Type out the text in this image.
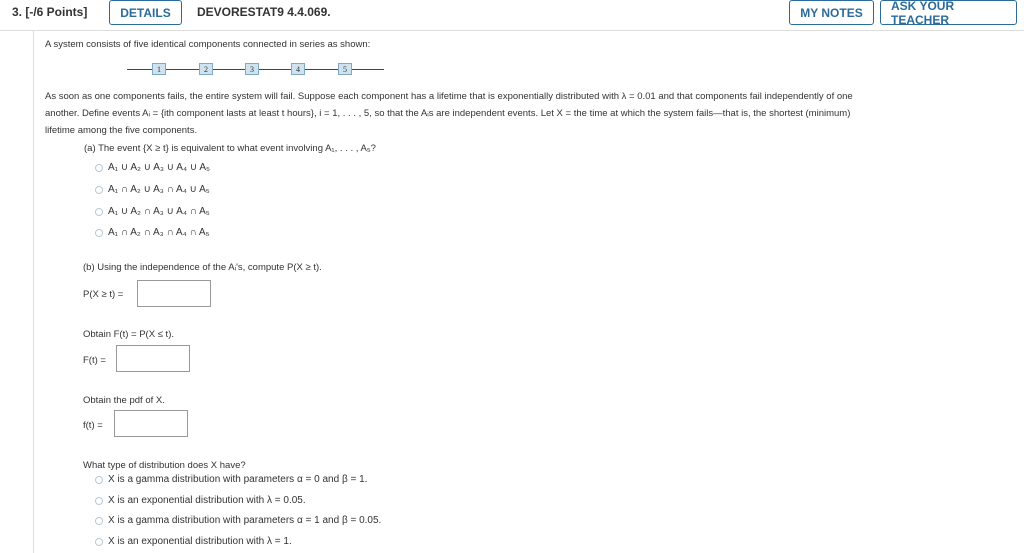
3. [-/6 Points]	DETAILS	DEVORESTAT9 4.4.069.	MY NOTES	ASK YOUR TEACHER
A system consists of five identical components connected in series as shown:
1	2	3	4	5
As soon as one components fails, the entire system will fail. Suppose each component has a lifetime that is exponentially distributed with λ = 0.01 and that components fail independently of one
another. Define events Aᵢ = {ith component lasts at least t hours}, i = 1, . . . , 5, so that the Aᵢs are independent events. Let X = the time at which the system fails—that is, the shortest (minimum)
lifetime among the five components.
(a) The event {X ≥ t} is equivalent to what event involving A₁, . . . , A₅?
A₁ ∪ A₂ ∪ A₃ ∪ A₄ ∪ A₅
A₁ ∩ A₂ ∪ A₃ ∩ A₄ ∪ A₅
A₁ ∪ A₂ ∩ A₃ ∪ A₄ ∩ A₅
A₁ ∩ A₂ ∩ A₃ ∩ A₄ ∩ A₅
(b) Using the independence of the Aᵢ's, compute P(X ≥ t).
P(X ≥ t) =
Obtain F(t) = P(X ≤ t).
F(t) =
Obtain the pdf of X.
f(t) =
What type of distribution does X have?
X is a gamma distribution with parameters α = 0 and β = 1.
X is an exponential distribution with λ = 0.05.
X is a gamma distribution with parameters α = 1 and β = 0.05.
X is an exponential distribution with λ = 1.
